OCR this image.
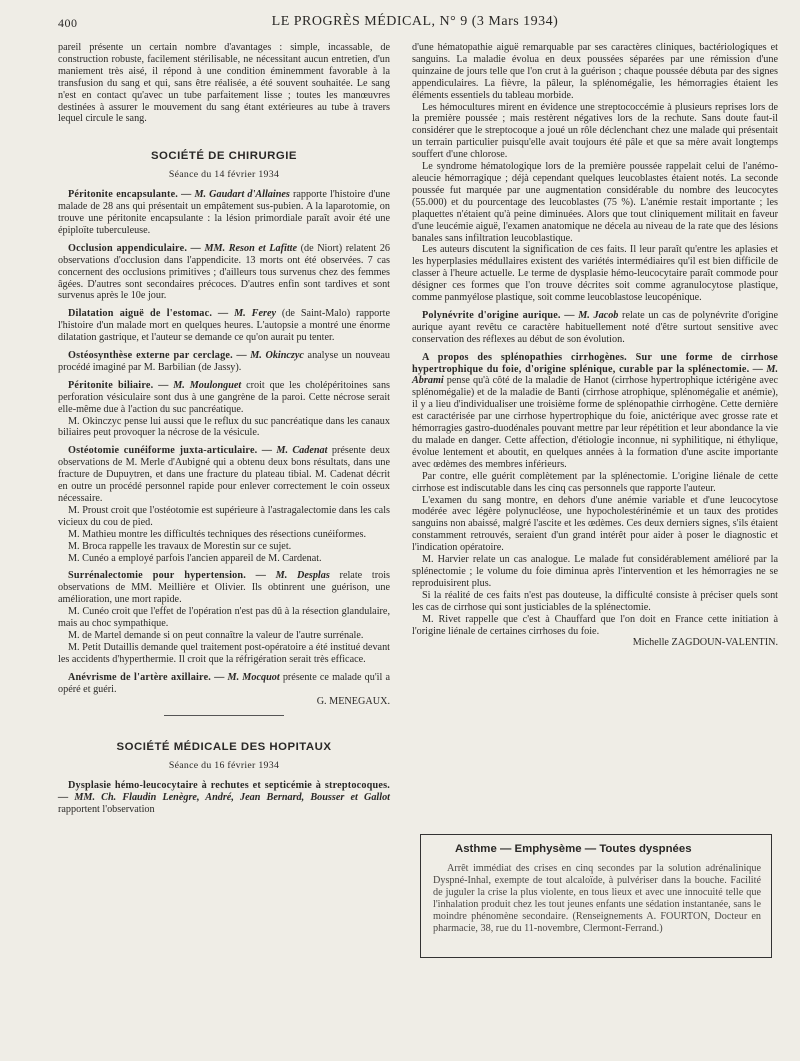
400	LE PROGRÈS MÉDICAL, N° 9 (3 Mars 1934)

pareil présente un certain nombre d'avantages : simple, incassable, de construction robuste, facilement stérilisable, ne nécessitant aucun entretien, d'un maniement très aisé, il répond à une condition éminemment favorable à la transfusion du sang et qui, sans être réalisée, a été souvent souhaitée. Le sang n'est en contact qu'avec un tube parfaitement lisse ; toutes les manœuvres destinées à assurer le mouvement du sang étant extérieures au tube à travers lequel circule le sang.

SOCIÉTÉ DE CHIRURGIE
Séance du 14 février 1934

Péritonite encapsulante. — M. Gaudart d'Allaines rapporte l'histoire d'une malade de 28 ans qui présentait un empâtement sus-pubien. A la laparotomie, on trouve une péritonite encapsulante : la lésion primordiale paraît avoir été une épiploïte tuberculeuse.

Occlusion appendiculaire. — MM. Reson et Lafitte (de Niort) relatent 26 observations d'occlusion dans l'appendicite. 13 morts ont été observées. 7 cas concernent des occlusions primitives ; d'ailleurs tous survenus chez des femmes âgées. D'autres sont secondaires précoces. D'autres enfin sont tardives et sont survenus après le 10e jour.

Dilatation aiguë de l'estomac. — M. Ferey (de Saint-Malo) rapporte l'histoire d'un malade mort en quelques heures. L'autopsie a montré une énorme dilatation gastrique, et l'auteur se demande ce qu'on aurait pu tenter.

Ostéosynthèse externe par cerclage. — M. Okinczyc analyse un nouveau procédé imaginé par M. Barbilian (de Jassy).

Péritonite biliaire. — M. Moulonguet croit que les cholépéritoines sans perforation vésiculaire sont dus à une gangrène de la paroi. Cette nécrose serait elle-même due à l'action du suc pancréatique.

M. Okinczyc pense lui aussi que le reflux du suc pancréatique dans les canaux biliaires peut provoquer la nécrose de la vésicule.

Ostéotomie cunéiforme juxta-articulaire. — M. Cadenat présente deux observations de M. Merle d'Aubigné qui a obtenu deux bons résultats, dans une fracture de Dupuytren, et dans une fracture du plateau tibial. M. Cadenat décrit en outre un procédé personnel rapide pour enlever correctement le coin osseux nécessaire.

M. Proust croit que l'ostéotomie est supérieure à l'astragalectomie dans les cals vicieux du cou de pied.

M. Mathieu montre les difficultés techniques des résections cunéiformes.

M. Broca rappelle les travaux de Morestin sur ce sujet.

M. Cunéo a employé parfois l'ancien appareil de M. Cardenat.

Surrénalectomie pour hypertension. — M. Desplas relate trois observations de MM. Meillière et Olivier. Ils obtinrent une guérison, une amélioration, une mort rapide.

M. Cunéo croit que l'effet de l'opération n'est pas dû à la résection glandulaire, mais au choc sympathique.

M. de Martel demande si on peut connaître la valeur de l'autre surrénale.

M. Petit Dutaillis demande quel traitement post-opératoire a été institué devant les accidents d'hyperthermie. Il croit que la réfrigération serait très efficace.

Anévrisme de l'artère axillaire. — M. Mocquot présente ce malade qu'il a opéré et guéri.

G. MENEGAUX.

SOCIÉTÉ MÉDICALE DES HOPITAUX
Séance du 16 février 1934

Dysplasie hémo-leucocytaire à rechutes et septicémie à streptocoques. — MM. Ch. Flaudin Lenègre, André, Jean Bernard, Bousser et Gallot rapportent l'observation

d'une hématopathie aiguë remarquable par ses caractères cliniques, bactériologiques et sanguins. La maladie évolua en deux poussées séparées par une rémission d'une quinzaine de jours telle que l'on crut à la guérison ; chaque poussée débuta par des signes appendiculaires. La fièvre, la pâleur, la splénomégalie, les hémorragies étaient les éléments essentiels du tableau morbide.

Les hémocultures mirent en évidence une streptococcémie à plusieurs reprises lors de la première poussée ; mais restèrent négatives lors de la rechute. Sans doute faut-il considérer que le streptocoque a joué un rôle déclenchant chez une malade qui présentait un terrain particulier puisqu'elle avait toujours été pâle et que sa mère avait longtemps souffert d'une chlorose.

Le syndrome hématologique lors de la première poussée rappelait celui de l'anémo-aleucie hémorragique ; déjà cependant quelques leucoblastes étaient notés. La seconde poussée fut marquée par une augmentation considérable du nombre des leucocytes (55.000) et du pourcentage des leucoblastes (75 %). L'anémie restait importante ; les plaquettes n'étaient qu'à peine diminuées. Alors que tout cliniquement militait en faveur d'une leucémie aiguë, l'examen anatomique ne décela au niveau de la rate que des lésions banales sans infiltration leucoblastique.

Les auteurs discutent la signification de ces faits. Il leur paraît qu'entre les aplasies et les hyperplasies médullaires existent des variétés intermédiaires qu'il est bien difficile de classer à l'heure actuelle. Le terme de dysplasie hémo-leucocytaire paraît commode pour désigner ces formes que l'on trouve décrites soit comme agranulocytose plastique, comme panmyélose plastique, soit comme leucoblastose leucopénique.

Polynévrite d'origine aurique. — M. Jacob relate un cas de polynévrite d'origine aurique ayant revêtu ce caractère habituellement noté d'être surtout sensitive avec conservation des réflexes au début de son évolution.

A propos des splénopathies cirrhogènes. Sur une forme de cirrhose hypertrophique du foie, d'origine splénique, curable par la splénectomie. — M. Abrami pense qu'à côté de la maladie de Hanot (cirrhose hypertrophique ictérigène avec splénomégalie) et de la maladie de Banti (cirrhose atrophique, splénomégalie et anémie), il y a lieu d'individualiser une troisième forme de splénopathie cirrhogène. Cette dernière est caractérisée par une cirrhose hypertrophique du foie, anictérique avec grosse rate et hémorragies gastro-duodénales pouvant mettre par leur répétition et leur abondance la vie du malade en danger. Cette affection, d'étiologie inconnue, ni syphilitique, ni éthylique, évolue lentement et aboutit, en quelques années à la formation d'une ascite importante avec œdèmes des membres inférieurs.

Par contre, elle guérit complètement par la splénectomie. L'origine liénale de cette cirrhose est indiscutable dans les cinq cas personnels que rapporte l'auteur.

L'examen du sang montre, en dehors d'une anémie variable et d'une leucocytose modérée avec légère polynucléose, une hypocholestérinémie et un taux des protides sanguins non abaissé, malgré l'ascite et les œdèmes. Ces deux derniers signes, s'ils étaient constamment retrouvés, seraient d'un grand intérêt pour aider à poser le diagnostic et l'indication opératoire.

M. Harvier relate un cas analogue. Le malade fut considérablement amélioré par la splénectomie ; le volume du foie diminua après l'intervention et les hémorragies ne se reproduisirent plus.

Si la réalité de ces faits n'est pas douteuse, la difficulté consiste à préciser quels sont les cas de cirrhose qui sont justiciables de la splénectomie.

M. Rivet rappelle que c'est à Chauffard que l'on doit en France cette initiation à l'origine liénale de certaines cirrhoses du foie.

Michelle ZAGDOUN-VALENTIN.

Asthme — Emphysème — Toutes dyspnées
Arrêt immédiat des crises en cinq secondes par la solution adrénalinique Dyspné-Inhal, exempte de tout alcaloïde, à pulvériser dans la bouche. Facilité de juguler la crise la plus violente, en tous lieux et avec une innocuité telle que l'inhalation produit chez les tout jeunes enfants une sédation instantanée, sans le moindre phénomène secondaire. (Renseignements A. FOURTON, Docteur en pharmacie, 38, rue du 11-novembre, Clermont-Ferrand.)
